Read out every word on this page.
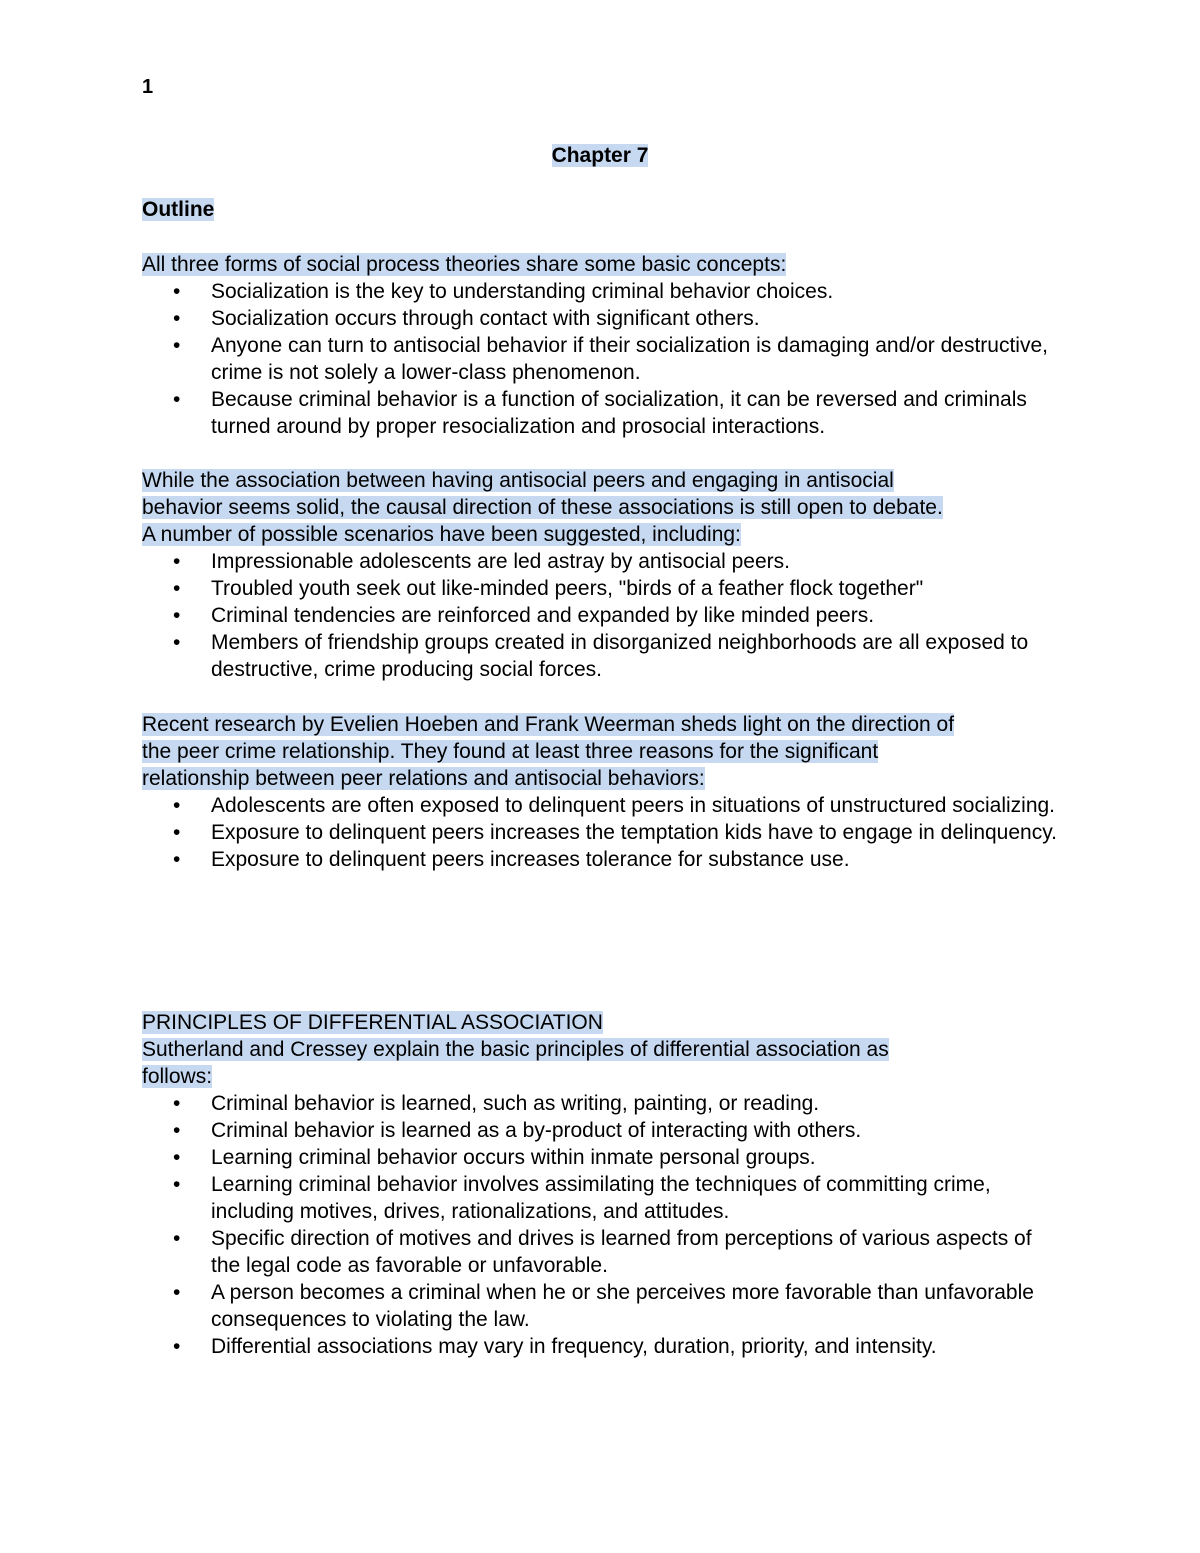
1
Chapter 7
Outline

All three forms of social process theories share some basic concepts:

• Socialization is the key to understanding criminal behavior choices.
• Socialization occurs through contact with significant others.
• Anyone can turn to antisocial behavior if their socialization is damaging and/or destructive, crime is not solely a lower-class phenomenon.
• Because criminal behavior is a function of socialization, it can be reversed and criminals turned around by proper resocialization and prosocial interactions.

While the association between having antisocial peers and engaging in antisocial
behavior seems solid, the causal direction of these associations is still open to debate.
A number of possible scenarios have been suggested, including:

• Impressionable adolescents are led astray by antisocial peers.
• Troubled youth seek out like-minded peers, "birds of a feather flock together"
• Criminal tendencies are reinforced and expanded by like minded peers.
• Members of friendship groups created in disorganized neighborhoods are all exposed to destructive, crime producing social forces.

Recent research by Evelien Hoeben and Frank Weerman sheds light on the direction of
the peer crime relationship. They found at least three reasons for the significant
relationship between peer relations and antisocial behaviors:

• Adolescents are often exposed to delinquent peers in situations of unstructured socializing.
• Exposure to delinquent peers increases the temptation kids have to engage in delinquency.
• Exposure to delinquent peers increases tolerance for substance use.

PRINCIPLES OF DIFFERENTIAL ASSOCIATION
Sutherland and Cressey explain the basic principles of differential association as
follows:

• Criminal behavior is learned, such as writing, painting, or reading.
• Criminal behavior is learned as a by-product of interacting with others.
• Learning criminal behavior occurs within inmate personal groups.
• Learning criminal behavior involves assimilating the techniques of committing crime, including motives, drives, rationalizations, and attitudes.
• Specific direction of motives and drives is learned from perceptions of various aspects of the legal code as favorable or unfavorable.
• A person becomes a criminal when he or she perceives more favorable than unfavorable consequences to violating the law.
• Differential associations may vary in frequency, duration, priority, and intensity.
